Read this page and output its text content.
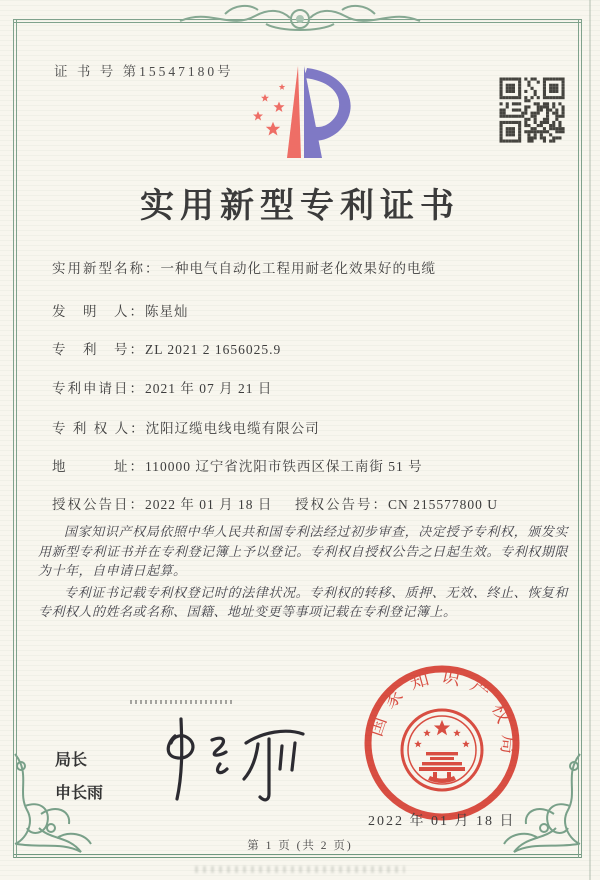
证 书 号 第15547180号
实用新型专利证书
实用新型名称：一种电气自动化工程用耐老化效果好的电缆
发　明　人：陈星灿
专　利　号：ZL 2021 2 1656025.9
专利申请日：2021 年 07 月 21 日
专 利 权 人：沈阳辽缆电线电缆有限公司
地　　　址：110000 辽宁省沈阳市铁西区保工南街 51 号
授权公告日：2022 年 01 月 18 日 授权公告号：CN 215577800 U

国家知识产权局依照中华人民共和国专利法经过初步审查，决定授予专利权，颁发实用新型专利证书并在专利登记簿上予以登记。专利权自授权公告之日起生效。专利权期限为十年，自申请日起算。

专利证书记载专利权登记时的法律状况。专利权的转移、质押、无效、终止、恢复和专利权人的姓名或名称、国籍、地址变更等事项记载在专利登记簿上。

局长
申长雨
国家知识产权局
2022 年 01 月 18 日
第 1 页 (共 2 页)
